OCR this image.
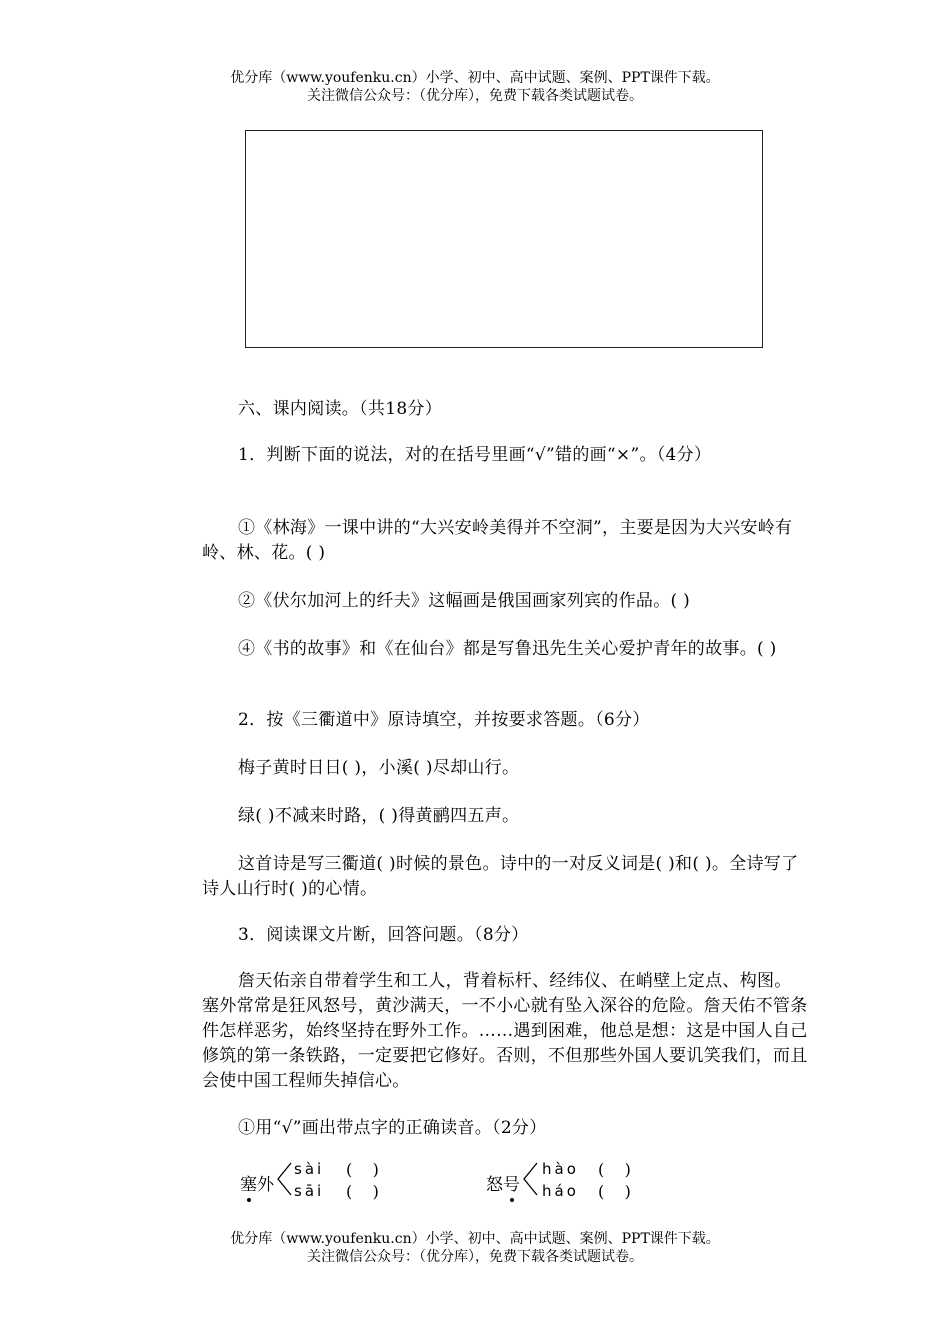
优分库（www.youfenku.cn）小学、初中、高中试题、案例、PPT课件下载。
关注微信公众号：（优分库），免费下载各类试题试卷。
六、课内阅读。（共18分）
1．判断下面的说法，对的在括号里画“√”错的画“×”。（4分）
①《林海》一课中讲的“大兴安岭美得并不空洞”，主要是因为大兴安岭有岭、林、花。( )
②《伏尔加河上的纤夫》这幅画是俄国画家列宾的作品。( )
④《书的故事》和《在仙台》都是写鲁迅先生关心爱护青年的故事。( )
2．按《三衢道中》原诗填空，并按要求答题。（6分）
梅子黄时日日( )，小溪( )尽却山行。
绿( )不减来时路，( )得黄鹂四五声。
这首诗是写三衢道( )时候的景色。诗中的一对反义词是( )和( )。全诗写了诗人山行时( )的心情。
3．阅读课文片断，回答问题。（8分）
詹天佑亲自带着学生和工人，背着标杆、经纬仪、在峭壁上定点、构图。塞外常常是狂风怒号，黄沙满天，一不小心就有坠入深谷的危险。詹天佑不管条件怎样恶劣，始终坚持在野外工作。……遇到困难，他总是想：这是中国人自己修筑的第一条铁路，一定要把它修好。否则，不但那些外国人要讥笑我们，而且会使中国工程师失掉信心。
①用“√”画出带点字的正确读音。（2分）
塞外
sài
sāi
(    )
(    )	怒号
hào
háo
(    )
(    )
优分库（www.youfenku.cn）小学、初中、高中试题、案例、PPT课件下载。
关注微信公众号：（优分库），免费下载各类试题试卷。
